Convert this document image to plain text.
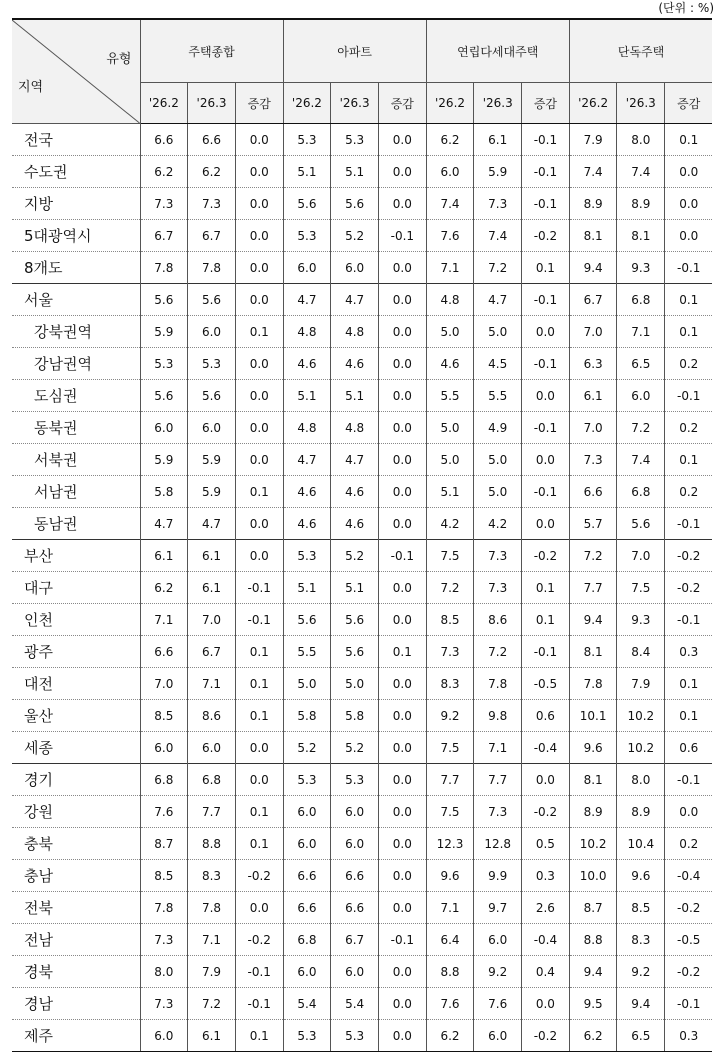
(단위 : %)
유형
지역	주택종합			아파트			연립다세대주택			단독주택		
	'26.2	'26.3	증감	'26.2	'26.3	증감	'26.2	'26.3	증감	'26.2	'26.3	증감
전국	6.6	6.6	0.0	5.3	5.3	0.0	6.2	6.1	-0.1	7.9	8.0	0.1
수도권	6.2	6.2	0.0	5.1	5.1	0.0	6.0	5.9	-0.1	7.4	7.4	0.0
지방	7.3	7.3	0.0	5.6	5.6	0.0	7.4	7.3	-0.1	8.9	8.9	0.0
5대광역시	6.7	6.7	0.0	5.3	5.2	-0.1	7.6	7.4	-0.2	8.1	8.1	0.0
8개도	7.8	7.8	0.0	6.0	6.0	0.0	7.1	7.2	0.1	9.4	9.3	-0.1
서울	5.6	5.6	0.0	4.7	4.7	0.0	4.8	4.7	-0.1	6.7	6.8	0.1
강북권역	5.9	6.0	0.1	4.8	4.8	0.0	5.0	5.0	0.0	7.0	7.1	0.1
강남권역	5.3	5.3	0.0	4.6	4.6	0.0	4.6	4.5	-0.1	6.3	6.5	0.2
도심권	5.6	5.6	0.0	5.1	5.1	0.0	5.5	5.5	0.0	6.1	6.0	-0.1
동북권	6.0	6.0	0.0	4.8	4.8	0.0	5.0	4.9	-0.1	7.0	7.2	0.2
서북권	5.9	5.9	0.0	4.7	4.7	0.0	5.0	5.0	0.0	7.3	7.4	0.1
서남권	5.8	5.9	0.1	4.6	4.6	0.0	5.1	5.0	-0.1	6.6	6.8	0.2
동남권	4.7	4.7	0.0	4.6	4.6	0.0	4.2	4.2	0.0	5.7	5.6	-0.1
부산	6.1	6.1	0.0	5.3	5.2	-0.1	7.5	7.3	-0.2	7.2	7.0	-0.2
대구	6.2	6.1	-0.1	5.1	5.1	0.0	7.2	7.3	0.1	7.7	7.5	-0.2
인천	7.1	7.0	-0.1	5.6	5.6	0.0	8.5	8.6	0.1	9.4	9.3	-0.1
광주	6.6	6.7	0.1	5.5	5.6	0.1	7.3	7.2	-0.1	8.1	8.4	0.3
대전	7.0	7.1	0.1	5.0	5.0	0.0	8.3	7.8	-0.5	7.8	7.9	0.1
울산	8.5	8.6	0.1	5.8	5.8	0.0	9.2	9.8	0.6	10.1	10.2	0.1
세종	6.0	6.0	0.0	5.2	5.2	0.0	7.5	7.1	-0.4	9.6	10.2	0.6
경기	6.8	6.8	0.0	5.3	5.3	0.0	7.7	7.7	0.0	8.1	8.0	-0.1
강원	7.6	7.7	0.1	6.0	6.0	0.0	7.5	7.3	-0.2	8.9	8.9	0.0
충북	8.7	8.8	0.1	6.0	6.0	0.0	12.3	12.8	0.5	10.2	10.4	0.2
충남	8.5	8.3	-0.2	6.6	6.6	0.0	9.6	9.9	0.3	10.0	9.6	-0.4
전북	7.8	7.8	0.0	6.6	6.6	0.0	7.1	9.7	2.6	8.7	8.5	-0.2
전남	7.3	7.1	-0.2	6.8	6.7	-0.1	6.4	6.0	-0.4	8.8	8.3	-0.5
경북	8.0	7.9	-0.1	6.0	6.0	0.0	8.8	9.2	0.4	9.4	9.2	-0.2
경남	7.3	7.2	-0.1	5.4	5.4	0.0	7.6	7.6	0.0	9.5	9.4	-0.1
제주	6.0	6.1	0.1	5.3	5.3	0.0	6.2	6.0	-0.2	6.2	6.5	0.3
